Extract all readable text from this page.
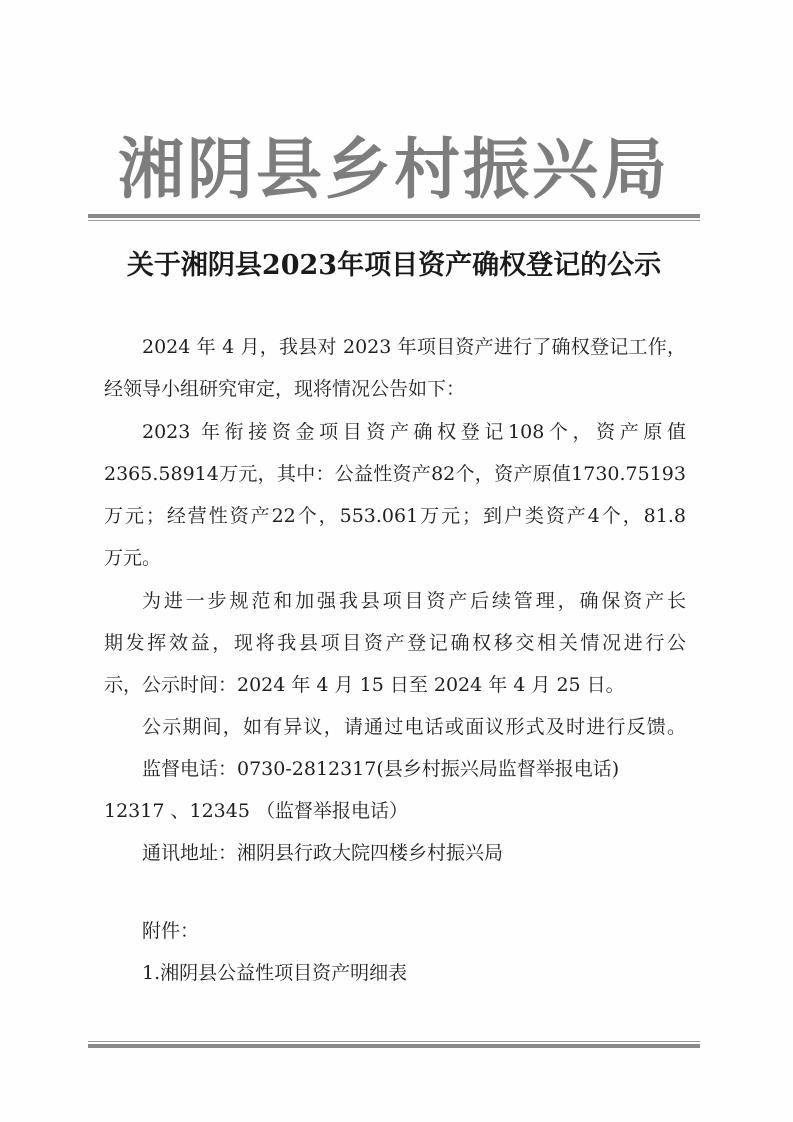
湘阴县乡村振兴局
关于湘阴县2023年项目资产确权登记的公示
2024 年 4 月，我县对 2023 年项目资产进行了确权登记工作，
经领导小组研究审定，现将情况公告如下：
2023 年衔接资金项目资产确权登记108个，资产原值
2365.58914万元，其中：公益性资产82个，资产原值1730.75193
万元；经营性资产22个，553.061万元；到户类资产4个，81.8
万元。
为进一步规范和加强我县项目资产后续管理，确保资产长
期发挥效益，现将我县项目资产登记确权移交相关情况进行公
示，公示时间：2024 年 4 月 15 日至 2024 年 4 月 25 日。
公示期间，如有异议，请通过电话或面议形式及时进行反馈。
监督电话：0730-2812317(县乡村振兴局监督举报电话)
12317 、12345 （监督举报电话）
通讯地址：湘阴县行政大院四楼乡村振兴局
附件：
1.湘阴县公益性项目资产明细表
